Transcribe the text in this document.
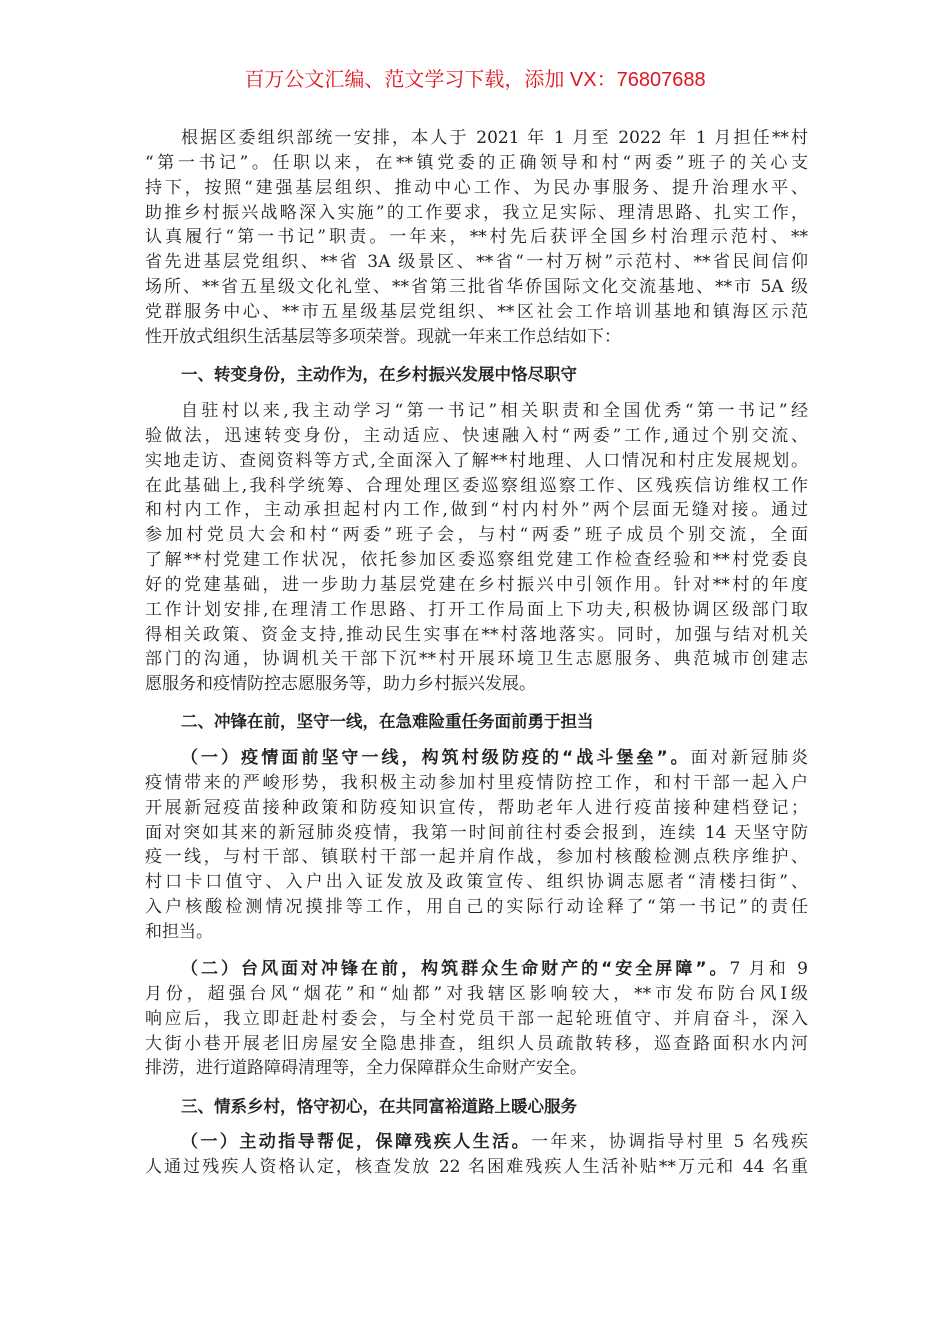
百万公文汇编、范文学习下载，添加 VX：76807688
根据区委组织部统一安排，本人于 2021 年 1 月至 2022 年 1 月担任**村
“第一书记”。任职以来，在**镇党委的正确领导和村“两委”班子的关心支
持下，按照“建强基层组织、推动中心工作、为民办事服务、提升治理水平、
助推乡村振兴战略深入实施”的工作要求，我立足实际、理清思路、扎实工作，
认真履行“第一书记”职责。一年来，**村先后获评全国乡村治理示范村、**
省先进基层党组织、**省 3A 级景区、**省“一村万树”示范村、**省民间信仰
场所、**省五星级文化礼堂、**省第三批省华侨国际文化交流基地、**市 5A 级
党群服务中心、**市五星级基层党组织、**区社会工作培训基地和镇海区示范
性开放式组织生活基层等多项荣誉。现就一年来工作总结如下：
一、转变身份，主动作为，在乡村振兴发展中恪尽职守
自驻村以来,我主动学习“第一书记”相关职责和全国优秀“第一书记”经
验做法，迅速转变身份，主动适应、快速融入村“两委”工作,通过个别交流、
实地走访、查阅资料等方式,全面深入了解**村地理、人口情况和村庄发展规划。
在此基础上,我科学统筹、合理处理区委巡察组巡察工作、区残疾信访维权工作
和村内工作，主动承担起村内工作,做到“村内村外”两个层面无缝对接。通过
参加村党员大会和村“两委”班子会，与村“两委”班子成员个别交流，全面
了解**村党建工作状况，依托参加区委巡察组党建工作检查经验和**村党委良
好的党建基础，进一步助力基层党建在乡村振兴中引领作用。针对**村的年度
工作计划安排,在理清工作思路、打开工作局面上下功夫,积极协调区级部门取
得相关政策、资金支持,推动民生实事在**村落地落实。同时，加强与结对机关
部门的沟通，协调机关干部下沉**村开展环境卫生志愿服务、典范城市创建志
愿服务和疫情防控志愿服务等，助力乡村振兴发展。
二、冲锋在前，坚守一线，在急难险重任务面前勇于担当
（一）疫情面前坚守一线，构筑村级防疫的“战斗堡垒”。面对新冠肺炎
疫情带来的严峻形势，我积极主动参加村里疫情防控工作，和村干部一起入户
开展新冠疫苗接种政策和防疫知识宣传，帮助老年人进行疫苗接种建档登记；
面对突如其来的新冠肺炎疫情，我第一时间前往村委会报到，连续 14 天坚守防
疫一线，与村干部、镇联村干部一起并肩作战，参加村核酸检测点秩序维护、
村口卡口值守、入户出入证发放及政策宣传、组织协调志愿者“清楼扫街”、
入户核酸检测情况摸排等工作，用自己的实际行动诠释了“第一书记”的责任
和担当。
（二）台风面对冲锋在前，构筑群众生命财产的“安全屏障”。7 月和 9
月份，超强台风“烟花”和“灿都”对我辖区影响较大，**市发布防台风Ⅰ级
响应后，我立即赶赴村委会，与全村党员干部一起轮班值守、并肩奋斗，深入
大街小巷开展老旧房屋安全隐患排查，组织人员疏散转移，巡查路面积水内河
排涝，进行道路障碍清理等，全力保障群众生命财产安全。
三、情系乡村，恪守初心，在共同富裕道路上暖心服务
（一）主动指导帮促，保障残疾人生活。一年来，协调指导村里 5 名残疾
人通过残疾人资格认定，核查发放 22 名困难残疾人生活补贴**万元和 44 名重
